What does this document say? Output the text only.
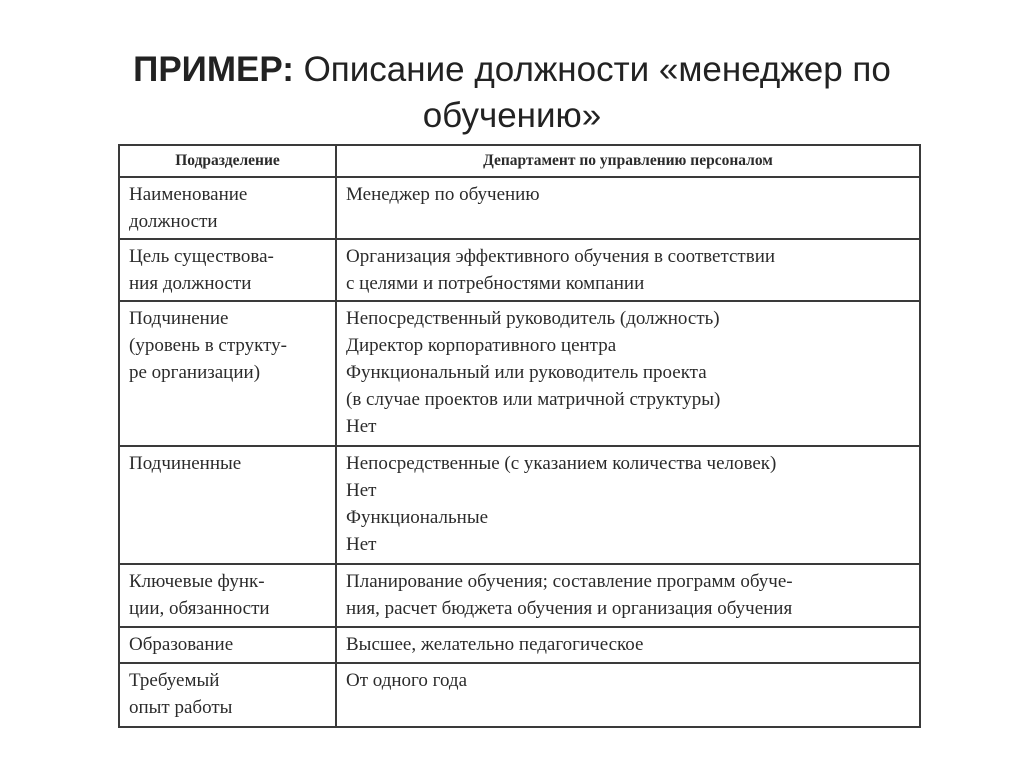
ПРИМЕР: Описание должности «менеджер по
обучению»
Подразделение	Департамент по управлению персоналом

Наименование
должности	Менеджер по обучению

Цель существова-
ния должности	Организация эффективного обучения в соответствии
с целями и потребностями компании

Подчинение
(уровень в структу-
ре организации)	Непосредственный руководитель (должность)
Директор корпоративного центра
Функциональный или руководитель проекта
(в случае проектов или матричной структуры)
Нет

Подчиненные	Непосредственные (с указанием количества человек)
Нет
Функциональные
Нет

Ключевые функ-
ции, обязанности	Планирование обучения; составление программ обуче-
ния, расчет бюджета обучения и организация обучения

Образование	Высшее, желательно педагогическое

Требуемый
опыт работы	От одного года
